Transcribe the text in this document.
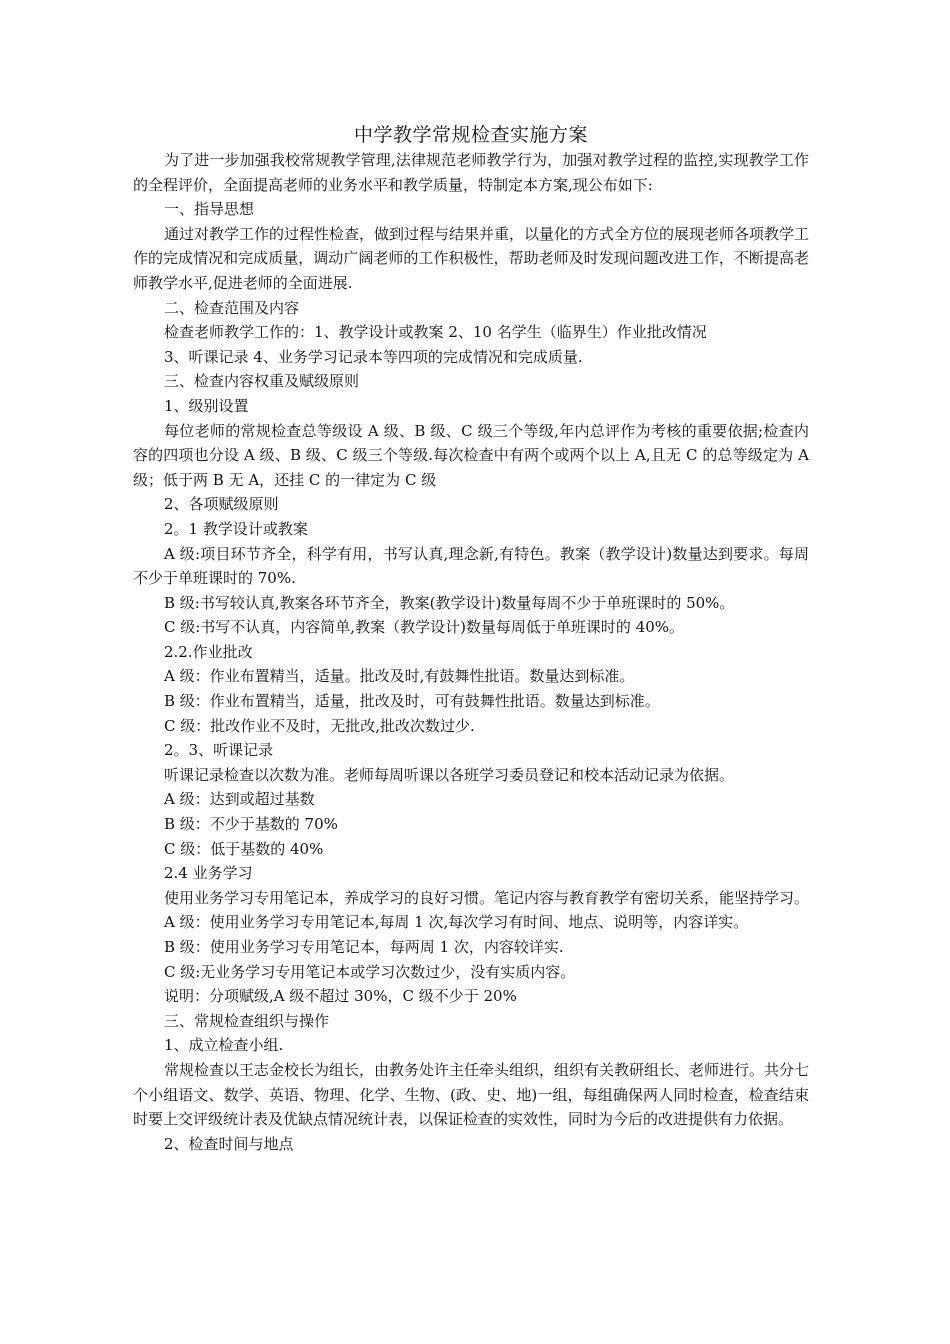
中学教学常规检查实施方案

为了进一步加强我校常规教学管理,法律规范老师教学行为，加强对教学过程的监控,实现教学工作的全程评价，全面提高老师的业务水平和教学质量，特制定本方案,现公布如下:

一、指导思想

通过对教学工作的过程性检查，做到过程与结果并重，以量化的方式全方位的展现老师各项教学工作的完成情况和完成质量，调动广阔老师的工作积极性，帮助老师及时发现问题改进工作，不断提高老师教学水平,促进老师的全面进展.

二、检查范围及内容

检查老师教学工作的：1、教学设计或教案 2、10 名学生（临界生）作业批改情况

3、听课记录 4、业务学习记录本等四项的完成情况和完成质量.

三、检查内容权重及赋级原则

1、级别设置

每位老师的常规检查总等级设 A 级、B 级、C 级三个等级,年内总评作为考核的重要依据;检查内容的四项也分设 A 级、B 级、C 级三个等级.每次检查中有两个或两个以上 A,且无 C 的总等级定为 A 级；低于两 B 无 A，还挂 C 的一律定为 C 级

2、各项赋级原则

2。1 教学设计或教案

A 级:项目环节齐全，科学有用，书写认真,理念新,有特色。教案（教学设计)数量达到要求。每周不少于单班课时的 70%.

B 级:书写较认真,教案各环节齐全，教案(教学设计)数量每周不少于单班课时的 50%。

C 级:书写不认真，内容简单,教案（教学设计)数量每周低于单班课时的 40%。

2.2.作业批改

A 级：作业布置精当，适量。批改及时,有鼓舞性批语。数量达到标准。

B 级：作业布置精当，适量，批改及时，可有鼓舞性批语。数量达到标准。

C 级：批改作业不及时，无批改,批改次数过少.

2。3、听课记录

听课记录检查以次数为准。老师每周听课以各班学习委员登记和校本活动记录为依据。

A 级：达到或超过基数

B 级：不少于基数的 70%

C 级：低于基数的 40%

2.4 业务学习

使用业务学习专用笔记本，养成学习的良好习惯。笔记内容与教育教学有密切关系，能坚持学习。

A 级：使用业务学习专用笔记本,每周 1 次,每次学习有时间、地点、说明等，内容详实。

B 级：使用业务学习专用笔记本，每两周 1 次，内容较详实.

C 级:无业务学习专用笔记本或学习次数过少，没有实质内容。

说明：分项赋级,A 级不超过 30%，C 级不少于 20%

三、常规检查组织与操作

1、成立检查小组.

常规检查以王志金校长为组长，由教务处许主任牵头组织，组织有关教研组长、老师进行。共分七个小组语文、数学、英语、物理、化学、生物、(政、史、地)一组，每组确保两人同时检查，检查结束时要上交评级统计表及优缺点情况统计表，以保证检查的实效性，同时为今后的改进提供有力依据。

2、检查时间与地点
